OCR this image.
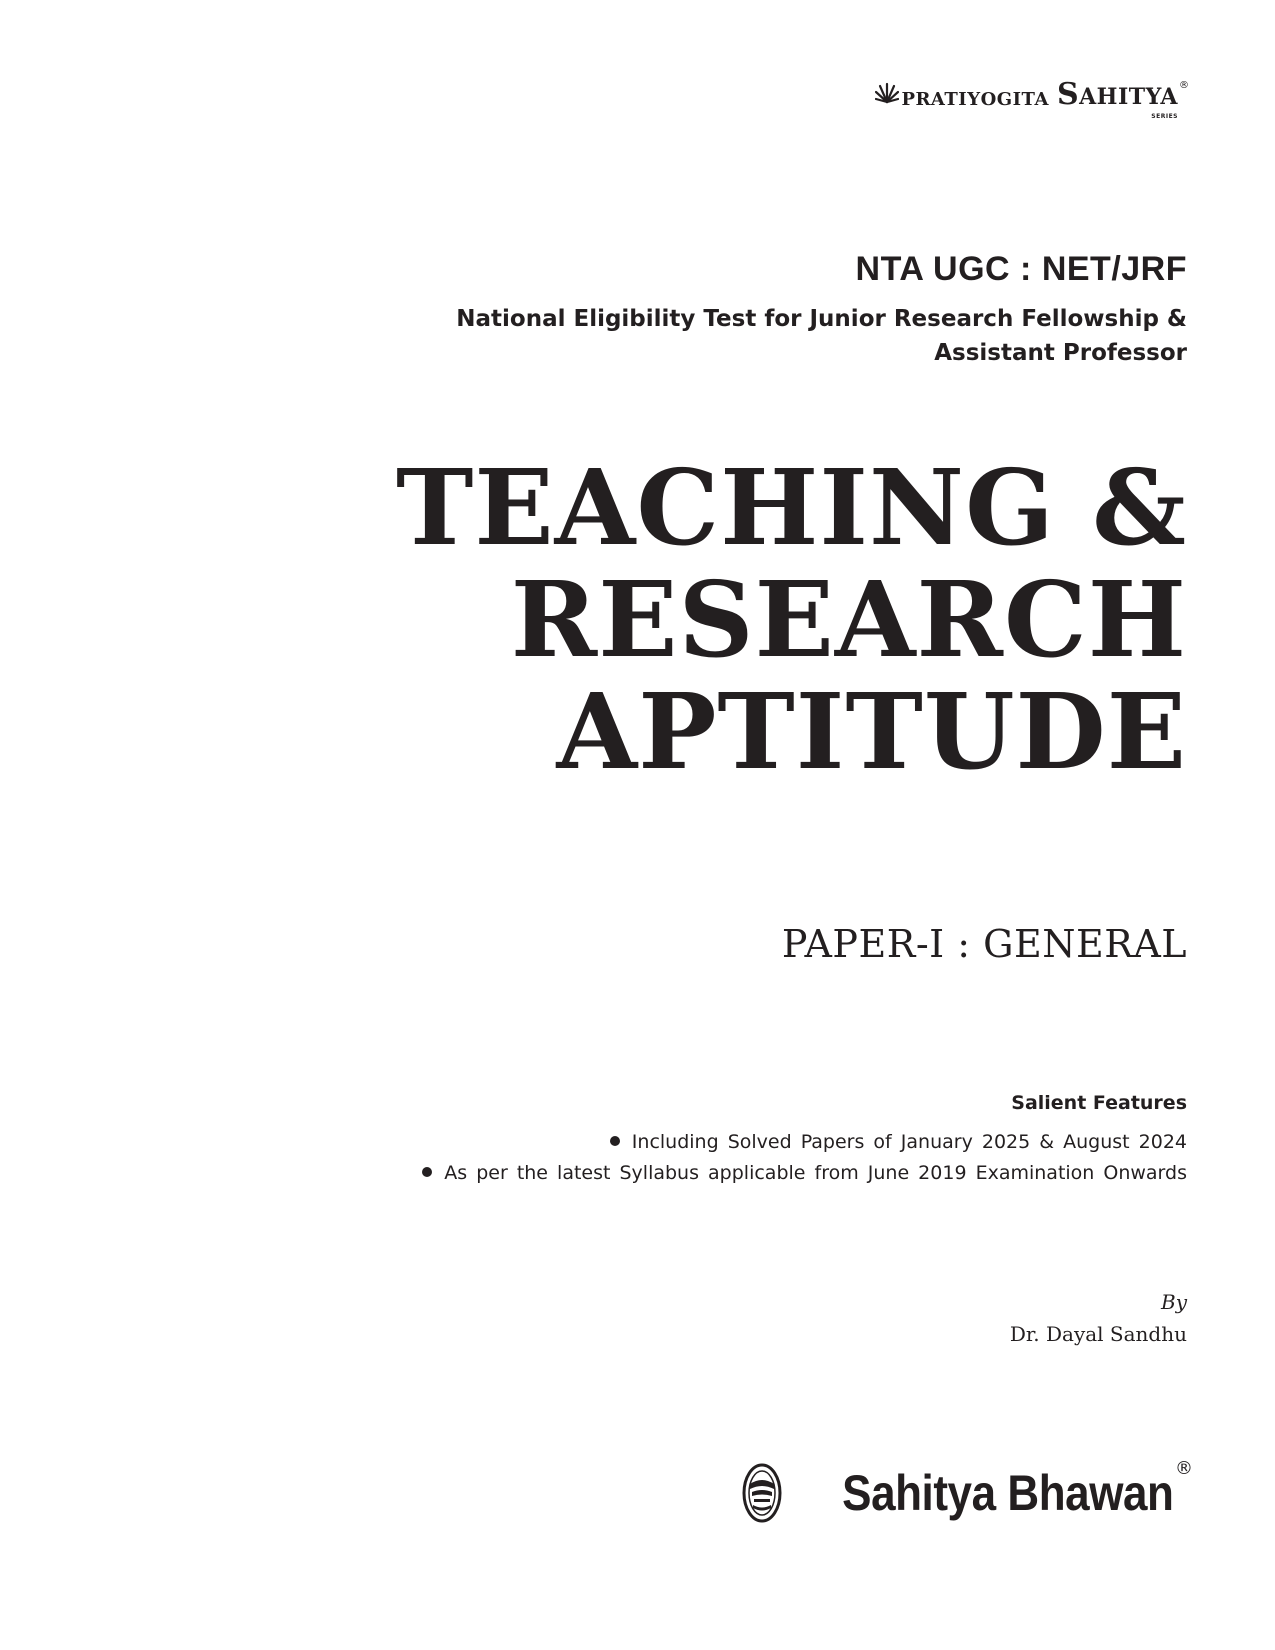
PRATIYOGITA SAHITYA
SERIES
®
NTA UGC : NET/JRF
National Eligibility Test for Junior Research Fellowship &
Assistant Professor
TEACHING &
RESEARCH
APTITUDE
PAPER-I : GENERAL
Salient Features
Including Solved Papers of January 2025 & August 2024
As per the latest Syllabus applicable from June 2019 Examination Onwards
By
Dr. Dayal Sandhu
Sahitya Bhawan ®
